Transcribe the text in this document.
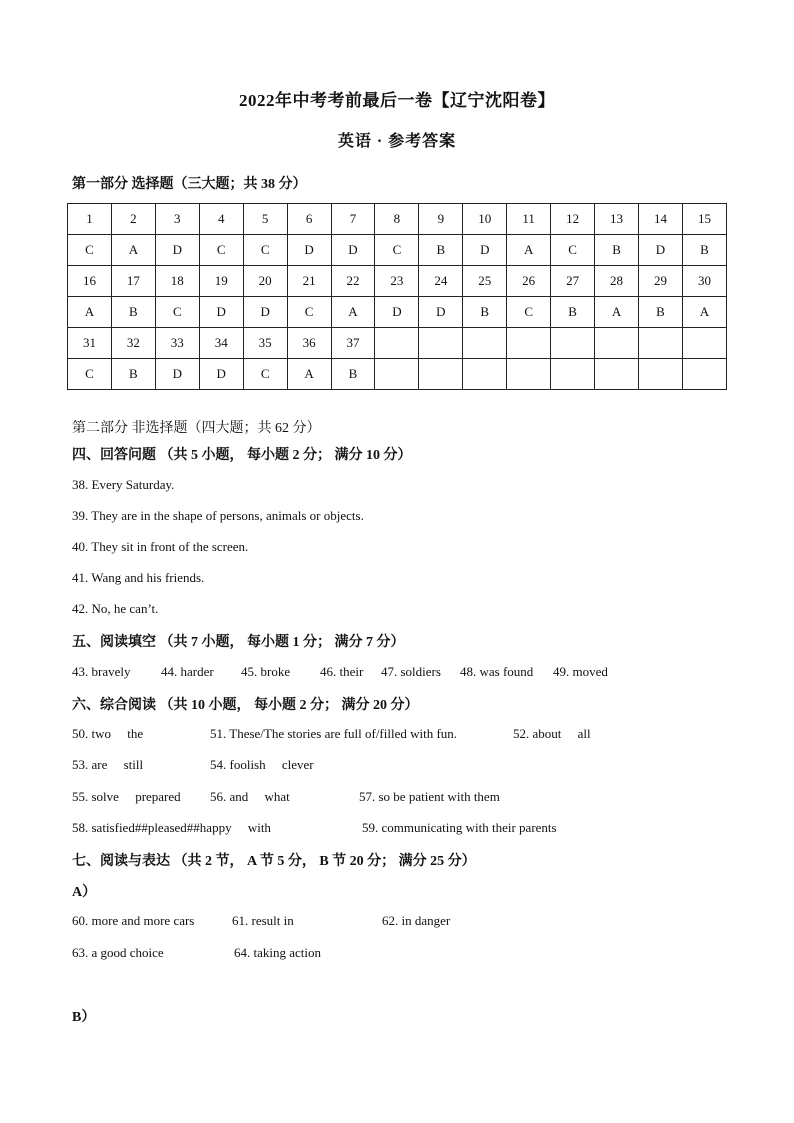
2022年中考考前最后一卷【辽宁沈阳卷】
英语 · 参考答案
第一部分 选择题（三大题；共 38 分）
1	2	3	4	5	6	7	8	9	10	11	12	13	14	15
C	A	D	C	C	D	D	C	B	D	A	C	B	D	B
16	17	18	19	20	21	22	23	24	25	26	27	28	29	30
A	B	C	D	D	C	A	D	D	B	C	B	A	B	A
31	32	33	34	35	36	37								
C	B	D	D	C	A	B								
第二部分 非选择题（四大题；共 62 分）
四、回答问题 （共 5 小题， 每小题 2 分； 满分 10 分）
38. Every Saturday.
39. They are in the shape of persons, animals or objects.
40. They sit in front of the screen.
41. Wang and his friends.
42. No, he can’t.
五、阅读填空 （共 7 小题， 每小题 1 分； 满分 7 分）
43. bravely 44. harder 45. broke 46. their 47. soldiers 48. was found 49. moved
六、综合阅读 （共 10 小题， 每小题 2 分； 满分 20 分）
50. two     the	51. These/The stories are full of/filled with fun.	52. about     all
53. are     still	54. foolish     clever
55. solve     prepared 56. and     what	57. so be patient with them
58. satisfied##pleased##happy     with	59. communicating with their parents
七、阅读与表达 （共 2 节， A 节 5 分， B 节 20 分； 满分 25 分）
A）
60. more and more cars	61. result in	62. in danger
63. a good choice	64. taking action
B）
